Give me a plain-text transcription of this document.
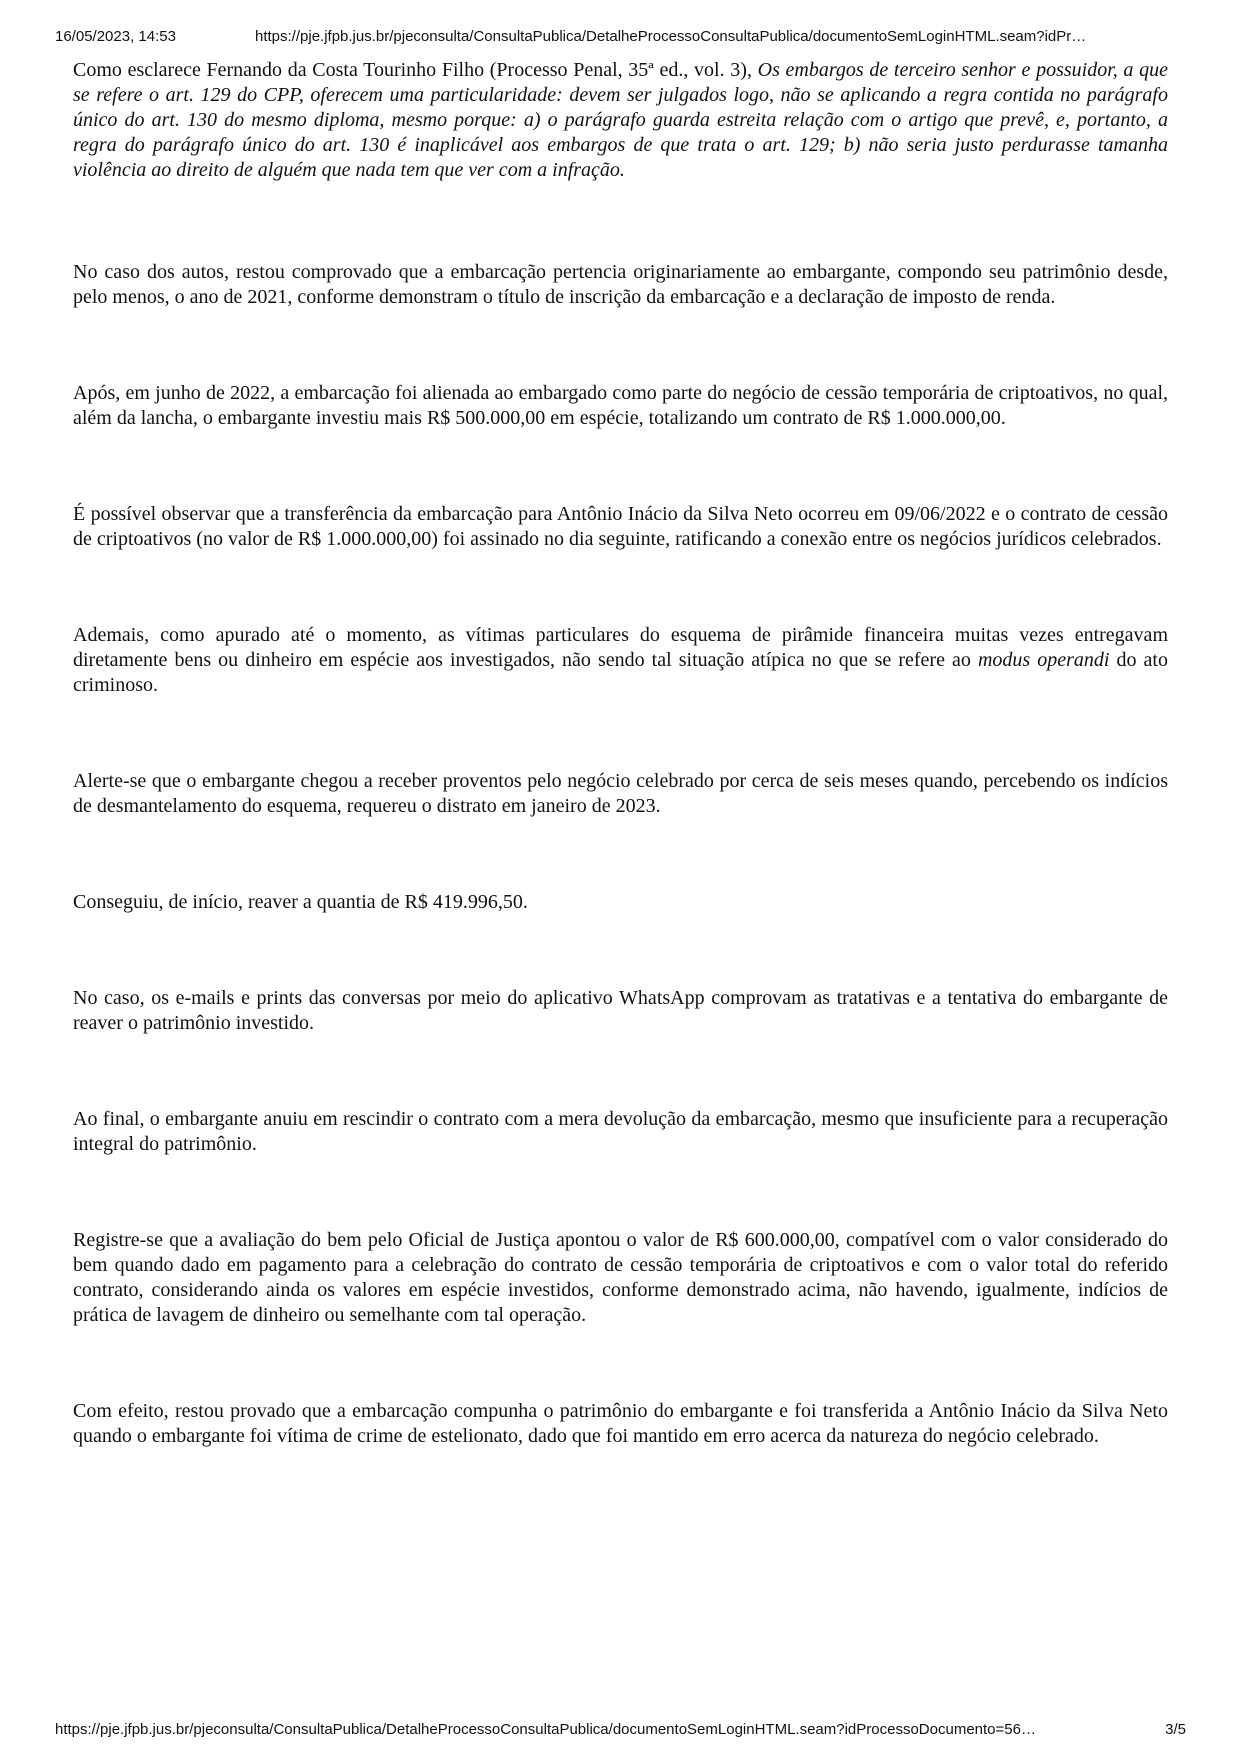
16/05/2023, 14:53	https://pje.jfpb.jus.br/pjeconsulta/ConsultaPublica/DetalheProcessoConsultaPublica/documentoSemLoginHTML.seam?idPr…

Como esclarece Fernando da Costa Tourinho Filho (Processo Penal, 35ª ed., vol. 3), Os embargos de terceiro senhor e possuidor, a que se refere o art. 129 do CPP, oferecem uma particularidade: devem ser julgados logo, não se aplicando a regra contida no parágrafo único do art. 130 do mesmo diploma, mesmo porque: a) o parágrafo guarda estreita relação com o artigo que prevê, e, portanto, a regra do parágrafo único do art. 130 é inaplicável aos embargos de que trata o art. 129; b) não seria justo perdurasse tamanha violência ao direito de alguém que nada tem que ver com a infração.

No caso dos autos, restou comprovado que a embarcação pertencia originariamente ao embargante, compondo seu patrimônio desde, pelo menos, o ano de 2021, conforme demonstram o título de inscrição da embarcação e a declaração de imposto de renda.

Após, em junho de 2022, a embarcação foi alienada ao embargado como parte do negócio de cessão temporária de criptoativos, no qual, além da lancha, o embargante investiu mais R$ 500.000,00 em espécie, totalizando um contrato de R$ 1.000.000,00.

É possível observar que a transferência da embarcação para Antônio Inácio da Silva Neto ocorreu em 09/06/2022 e o contrato de cessão de criptoativos (no valor de R$ 1.000.000,00) foi assinado no dia seguinte, ratificando a conexão entre os negócios jurídicos celebrados.

Ademais, como apurado até o momento, as vítimas particulares do esquema de pirâmide financeira muitas vezes entregavam diretamente bens ou dinheiro em espécie aos investigados, não sendo tal situação atípica no que se refere ao modus operandi do ato criminoso.

Alerte-se que o embargante chegou a receber proventos pelo negócio celebrado por cerca de seis meses quando, percebendo os indícios de desmantelamento do esquema, requereu o distrato em janeiro de 2023.

Conseguiu, de início, reaver a quantia de R$ 419.996,50.

No caso, os e-mails e prints das conversas por meio do aplicativo WhatsApp comprovam as tratativas e a tentativa do embargante de reaver o patrimônio investido.

Ao final, o embargante anuiu em rescindir o contrato com a mera devolução da embarcação, mesmo que insuficiente para a recuperação integral do patrimônio.

Registre-se que a avaliação do bem pelo Oficial de Justiça apontou o valor de R$ 600.000,00, compatível com o valor considerado do bem quando dado em pagamento para a celebração do contrato de cessão temporária de criptoativos e com o valor total do referido contrato, considerando ainda os valores em espécie investidos, conforme demonstrado acima, não havendo, igualmente, indícios de prática de lavagem de dinheiro ou semelhante com tal operação.

Com efeito, restou provado que a embarcação compunha o patrimônio do embargante e foi transferida a Antônio Inácio da Silva Neto quando o embargante foi vítima de crime de estelionato, dado que foi mantido em erro acerca da natureza do negócio celebrado.

https://pje.jfpb.jus.br/pjeconsulta/ConsultaPublica/DetalheProcessoConsultaPublica/documentoSemLoginHTML.seam?idProcessoDocumento=56…	3/5
